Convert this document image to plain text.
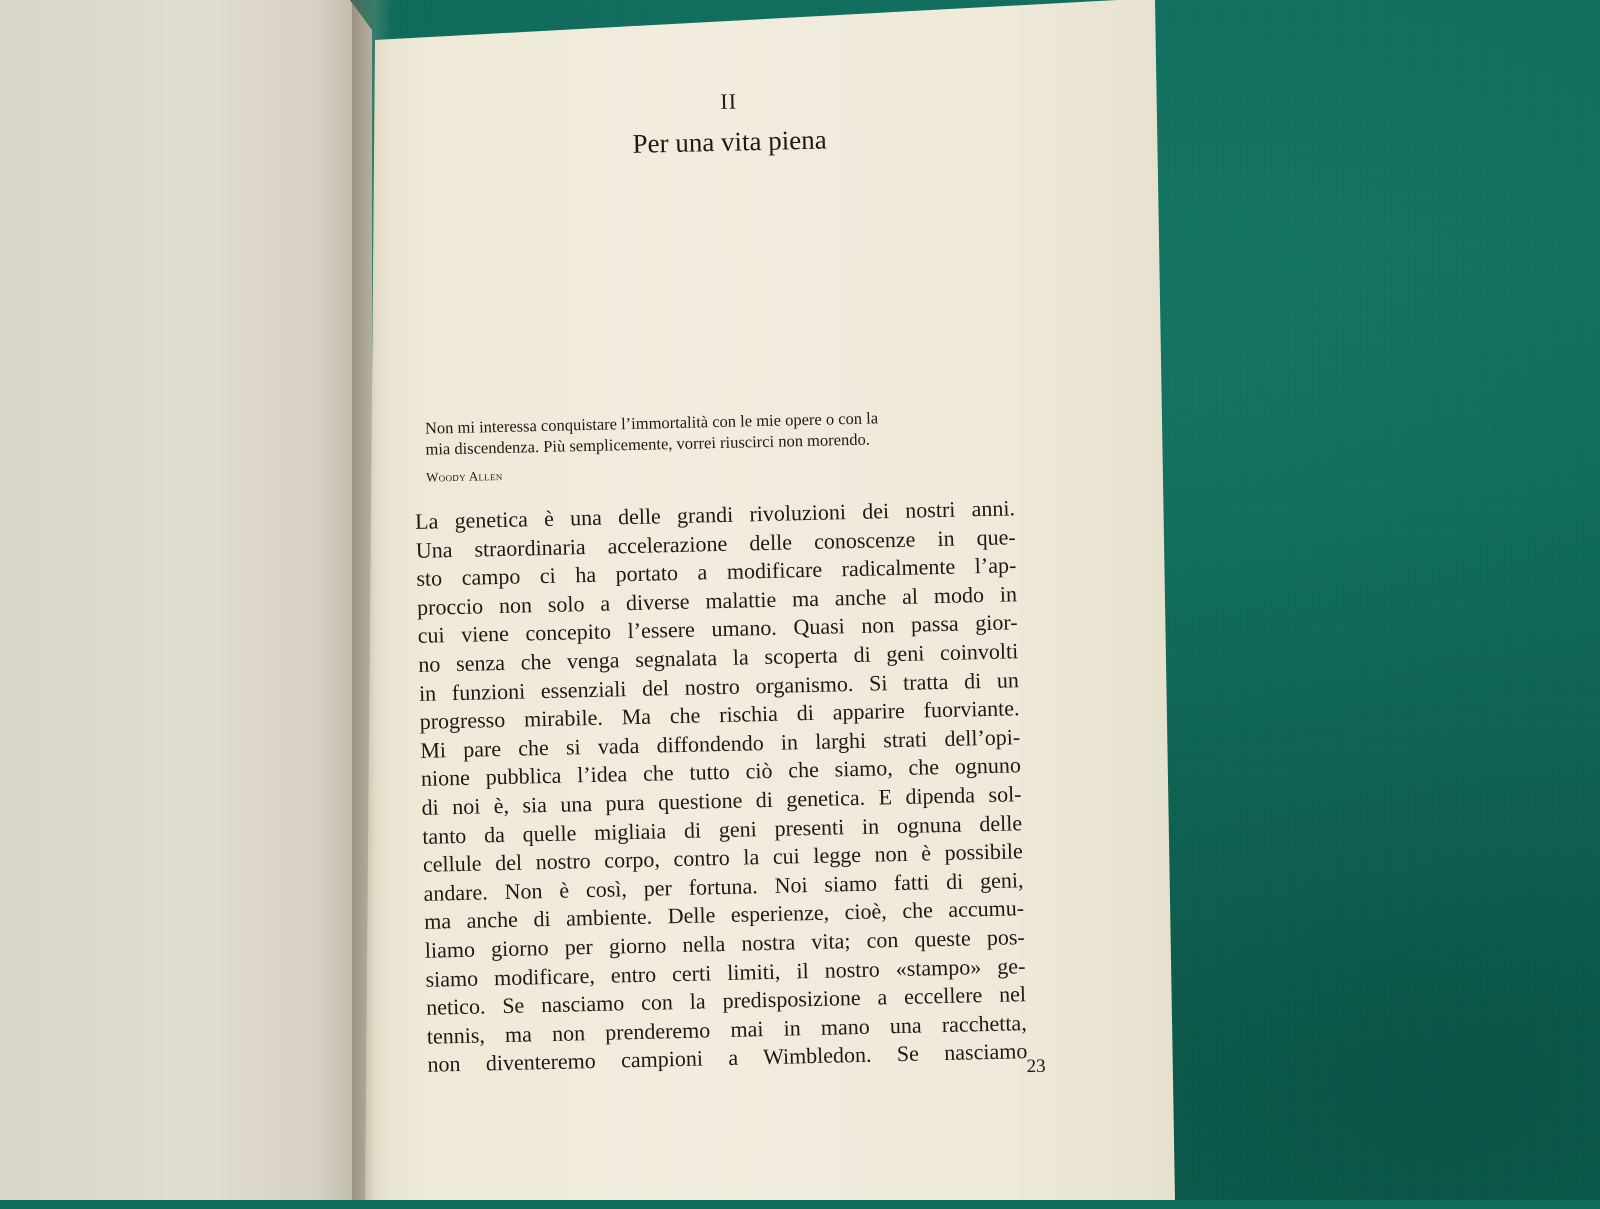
II
Per una vita piena
Non mi interessa conquistare l’immortalità con le mie opere o con la
mia discendenza. Più semplicemente, vorrei riuscirci non morendo.
Woody Allen
La genetica è una delle grandi rivoluzioni dei nostri anni.
Una straordinaria accelerazione delle conoscenze in que-
sto campo ci ha portato a modificare radicalmente l’ap-
proccio non solo a diverse malattie ma anche al modo in
cui viene concepito l’essere umano. Quasi non passa gior-
no senza che venga segnalata la scoperta di geni coinvolti
in funzioni essenziali del nostro organismo. Si tratta di un
progresso mirabile. Ma che rischia di apparire fuorviante.
Mi pare che si vada diffondendo in larghi strati dell’opi-
nione pubblica l’idea che tutto ciò che siamo, che ognuno
di noi è, sia una pura questione di genetica. E dipenda sol-
tanto da quelle migliaia di geni presenti in ognuna delle
cellule del nostro corpo, contro la cui legge non è possibile
andare. Non è così, per fortuna. Noi siamo fatti di geni,
ma anche di ambiente. Delle esperienze, cioè, che accumu-
liamo giorno per giorno nella nostra vita; con queste pos-
siamo modificare, entro certi limiti, il nostro «stampo» ge-
netico. Se nasciamo con la predisposizione a eccellere nel
tennis, ma non prenderemo mai in mano una racchetta,
non diventeremo campioni a Wimbledon. Se nasciamo
23
